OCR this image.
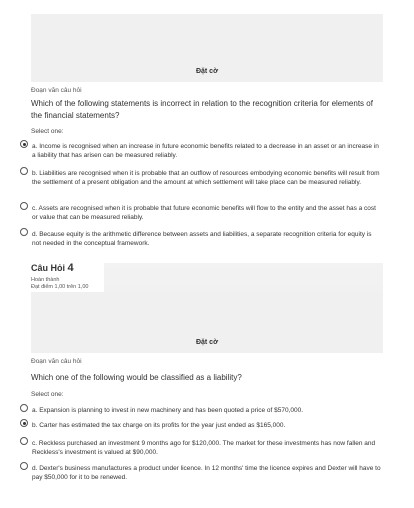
Đặt cờ
Đoạn văn câu hỏi
Which of the following statements is incorrect in relation to the recognition criteria for elements of the financial statements?
Select one:
a. Income is recognised when an increase in future economic benefits related to a decrease in an asset or an increase in a liability that has arisen can be measured reliably.
b. Liabilities are recognised when it is probable that an outflow of resources embodying economic benefits will result from the settlement of a present obligation and the amount at which settlement will take place can be measured reliably.
c. Assets are recognised when it is probable that future economic benefits will flow to the entity and the asset has a cost or value that can be measured reliably.
d. Because equity is the arithmetic difference between assets and liabilities, a separate recognition criteria for equity is not needed in the conceptual framework.
Đặt cờ
Câu Hỏi 4
Hoàn thành
Đạt điểm 1,00 trên 1,00
Đoạn văn câu hỏi
Which one of the following would be classified as a liability?
Select one:
a. Expansion is planning to invest in new machinery and has been quoted a price of $570,000.
b. Carter has estimated the tax charge on its profits for the year just ended as $165,000.
c. Reckless purchased an investment 9 months ago for $120,000. The market for these investments has now fallen and Reckless's investment is valued at $90,000.
d. Dexter's business manufactures a product under licence. In 12 months' time the licence expires and Dexter will have to pay $50,000 for it to be renewed.
